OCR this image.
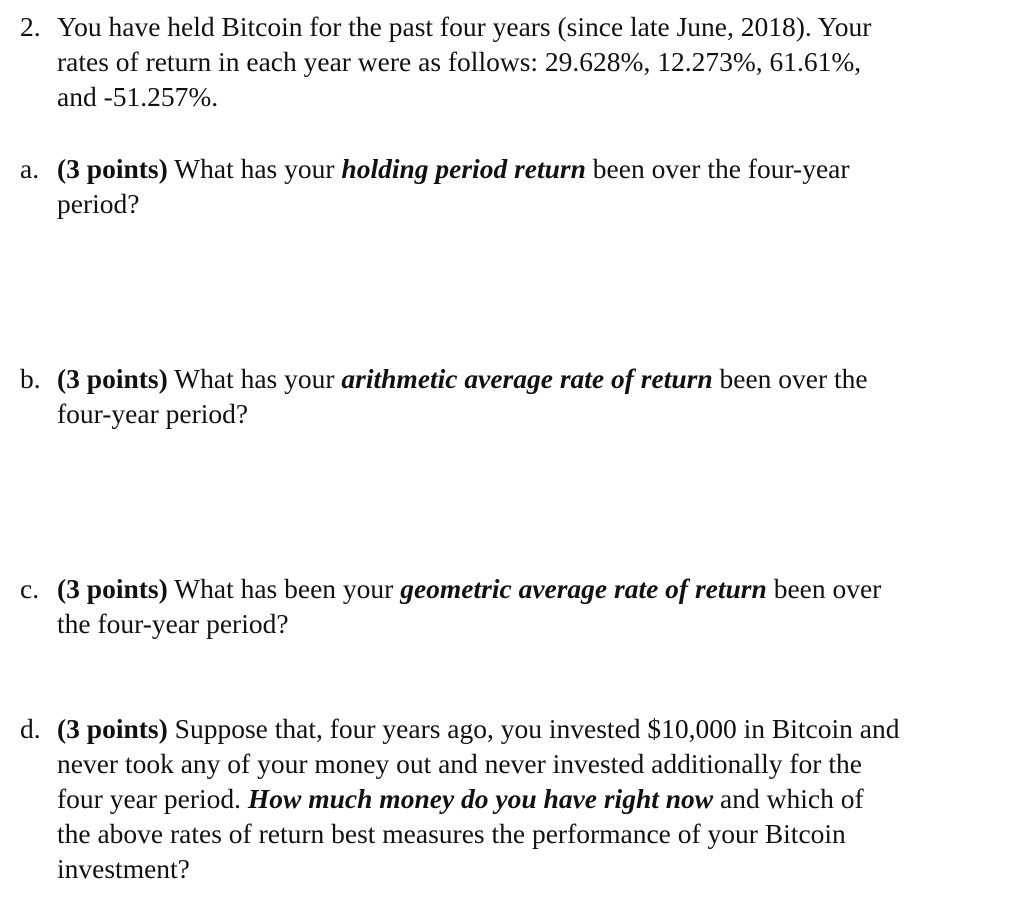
2. You have held Bitcoin for the past four years (since late June, 2018). Your
rates of return in each year were as follows: 29.628%, 12.273%, 61.61%,
and -51.257%.
a. (3 points) What has your holding period return been over the four-year
period?
b. (3 points) What has your arithmetic average rate of return been over the
four-year period?
c. (3 points) What has been your geometric average rate of return been over
the four-year period?
d. (3 points) Suppose that, four years ago, you invested $10,000 in Bitcoin and
never took any of your money out and never invested additionally for the
four year period. How much money do you have right now and which of
the above rates of return best measures the performance of your Bitcoin
investment?
